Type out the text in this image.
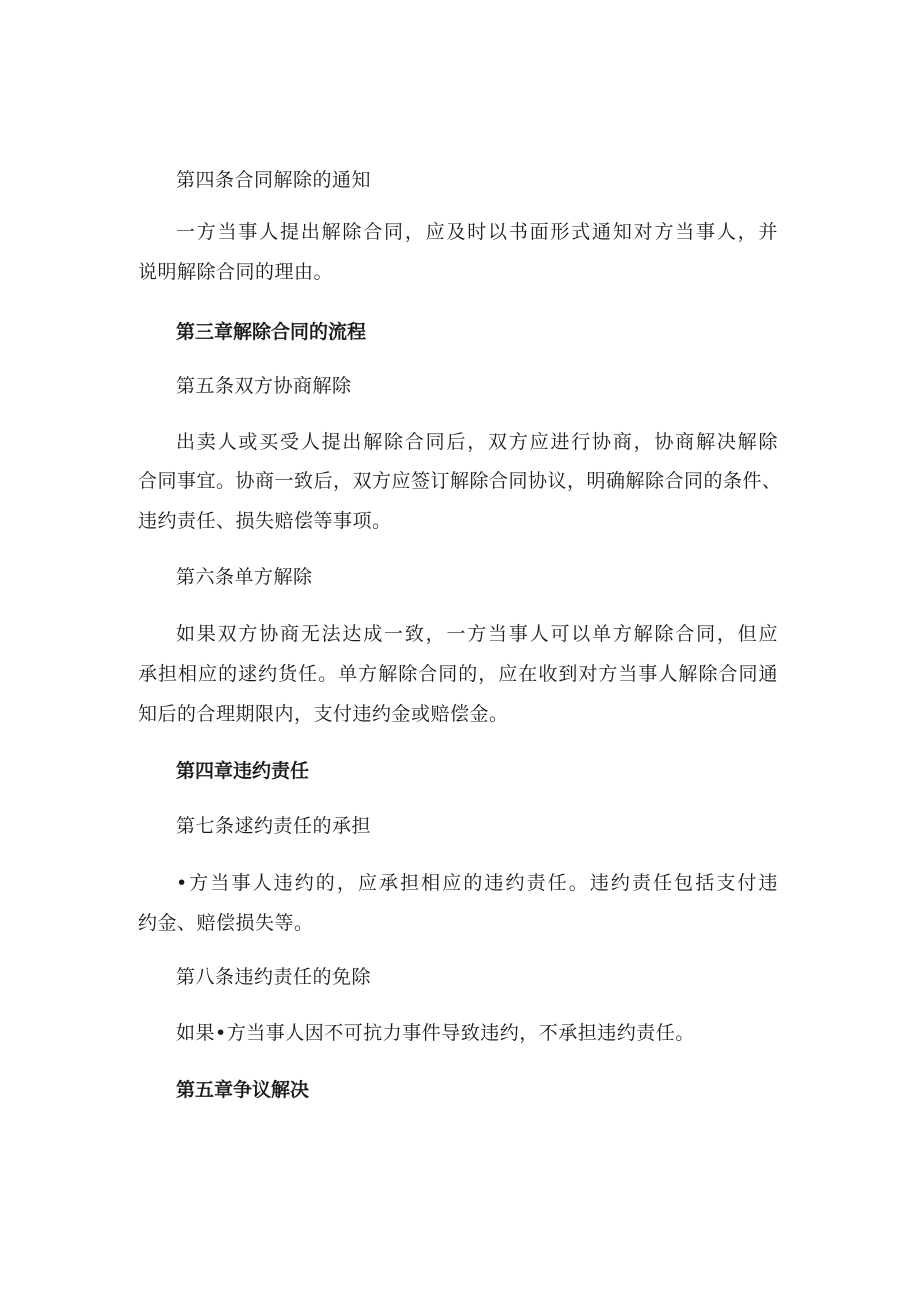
第四条合同解除的通知
一方当事人提出解除合同，应及时以书面形式通知对方当事人，并
说明解除合同的理由。
第三章解除合同的流程
第五条双方协商解除
出卖人或买受人提出解除合同后，双方应进行协商，协商解决解除
合同事宜。协商一致后，双方应签订解除合同协议，明确解除合同的条件、
违约责任、损失赔偿等事项。
第六条单方解除
如果双方协商无法达成一致，一方当事人可以单方解除合同，但应
承担相应的逑约货任。单方解除合同的，应在收到对方当事人解除合同通
知后的合理期限内，支付违约金或赔偿金。
第四章违约责任
第七条逑约责任的承担
•方当事人违约的，应承担相应的违约责任。违约责任包括支付违
约金、赔偿损失等。
第八条违约责任的免除
如果•方当事人因不可抗力事件导致违约，不承担违约责任。
第五章争议解决
